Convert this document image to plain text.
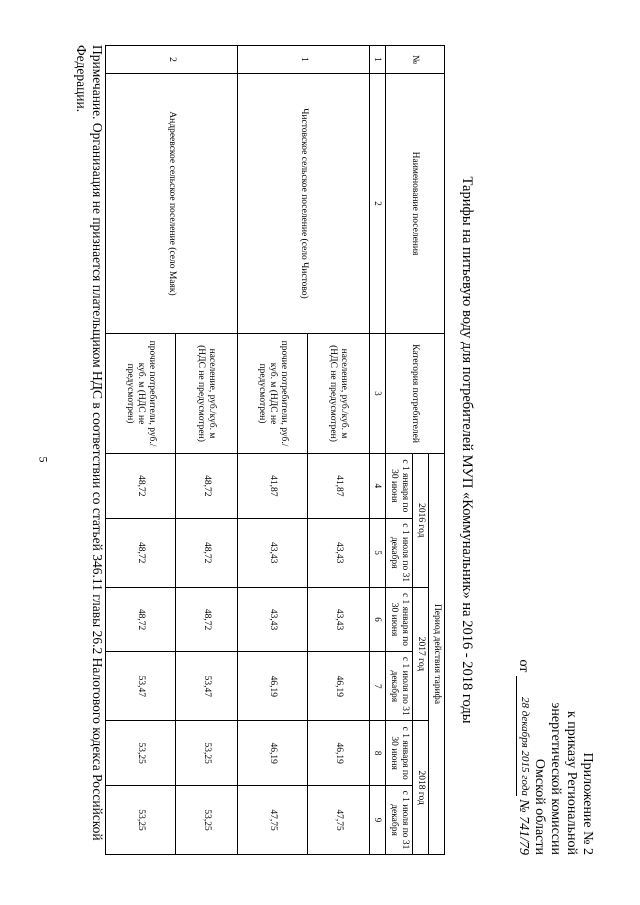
5
Приложение № 2
к приказу Региональной
энергетической комиссии
Омской области
от 28 декабря 2015 года № 741/79
Тарифы на питьевую воду для потребителей МУП «Коммунальник» на 2016 - 2018 годы
№	Наименование поселения	Категория потребителей	Период действия тарифа					
			2016 год		2017 год		2018 год	
			с 1 января по 30 июня	с 1 июля по 31 декабря	с 1 января по 30 июня	с 1 июля по 31 декабря	с 1 января по 30 июня	с 1 июля по 31 декабря
1	2	3	4	5	6	7	8	9
1	Чистовское сельское поселение (село Чистово)	население, руб./куб. м (НДС не предусмотрен)	41,87	43,43	43,43	46,19	46,19	47,75
		прочие потребители, руб./куб. м (НДС не предусмотрен)	41,87	43,43	43,43	46,19	46,19	47,75
2	Андреевское сельское поселение (село Маяк)	население, руб./куб. м (НДС не предусмотрен)	48,72	48,72	48,72	53,47	53,25	53,25
		прочие потребители, руб./куб. м (НДС не предусмотрен)	48,72	48,72	48,72	53,47	53,25	53,25
Примечание. Организация не признается плательщиком НДС в соответствии со статьей 346.11 главы 26.2 Налогового кодекса Российской Федерации.
